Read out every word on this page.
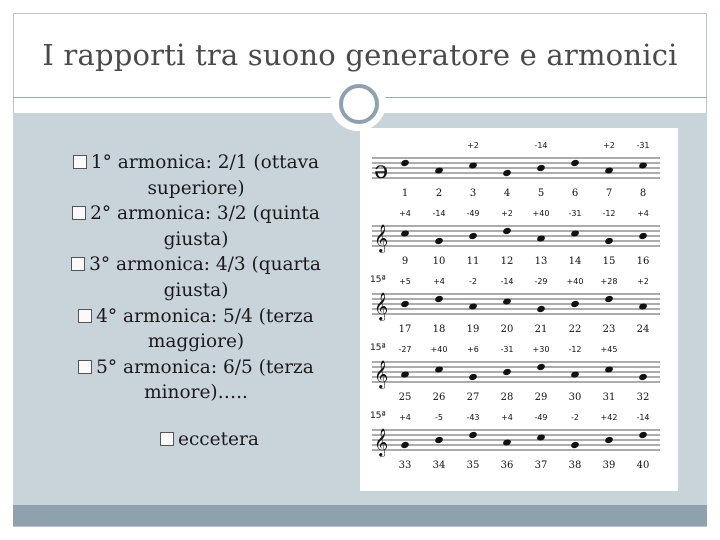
I rapporti tra suono generatore e armonici
1° armonica: 2/1 (ottava
superiore)
2° armonica: 3/2 (quinta
giusta)
3° armonica: 4/3 (quarta
giusta)
4° armonica: 5/4 (terza
maggiore)
5° armonica: 6/5 (terza
minore)…..
eccetera
ə
1	2
+2
3	4
-14
5	6
+2
7
-31
8
𝄞
+4
9
-14
10
-49
11
+2
12
+40
13
-31
14
-12
15
+4
16
𝄞
15ª +5
17
+4
18
-2
19
-14
20
-29
21
+40
22
+28
23
+2
24
𝄞
15ª -27
25
+40
26
+6
27
-31
28
+30
29
-12
30
+45
31 32
𝄞
15ª +4
33
-5
34
-43
35
+4
36
-49
37
-2
38
+42
39
-14
40
